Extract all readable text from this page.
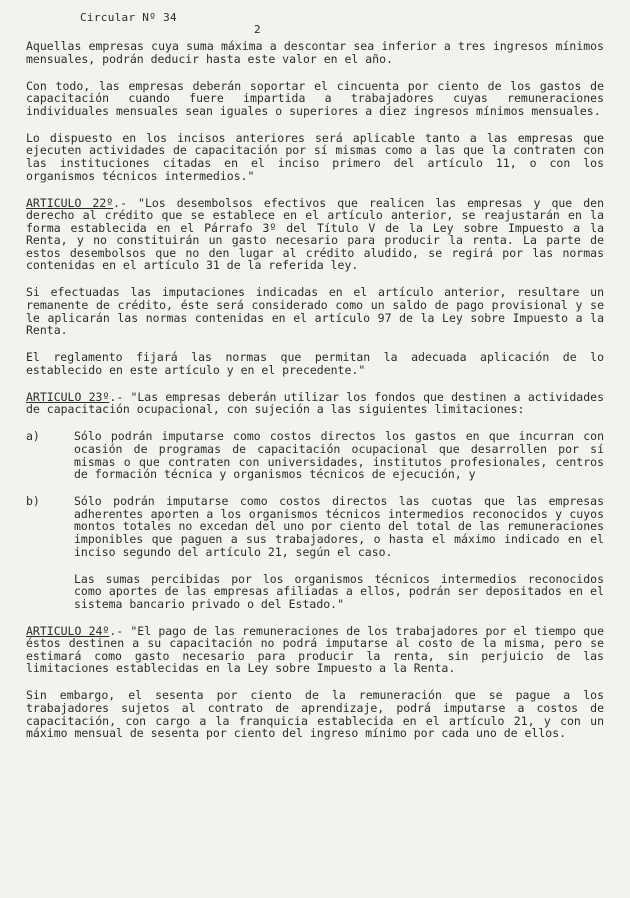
Circular Nº 34
2

Aquellas empresas cuya suma máxima a descontar sea inferior a tres ingresos mínimos mensuales, podrán deducir hasta este valor en el año.

Con todo, las empresas deberán soportar el cincuenta por ciento de los gastos de capacitación cuando fuere impartida a trabajadores cuyas remuneraciones individuales mensuales sean iguales o superiores a diez ingresos mínimos mensuales.

Lo dispuesto en los incisos anteriores será aplicable tanto a las empresas que ejecuten actividades de capacitación por sí mismas como a las que la contraten con las instituciones citadas en el inciso primero del artículo 11, o con los organismos técnicos intermedios."

ARTICULO 22º.- "Los desembolsos efectivos que realicen las empresas y que den derecho al crédito que se establece en el artículo anterior, se reajustarán en la forma establecida en el Párrafo 3º del Título V de la Ley sobre Impuesto a la Renta, y no constituirán un gasto necesario para producir la renta. La parte de estos desembolsos que no den lugar al crédito aludido, se regirá por las normas contenidas en el artículo 31 de la referida ley.

Si efectuadas las imputaciones indicadas en el artículo anterior, resultare un remanente de crédito, éste será considerado como un saldo de pago provisional y se le aplicarán las normas contenidas en el artículo 97 de la Ley sobre Impuesto a la Renta.

El reglamento fijará las normas que permitan la adecuada aplicación de lo establecido en este artículo y en el precedente."

ARTICULO 23º.- "Las empresas deberán utilizar los fondos que destinen a actividades de capacitación ocupacional, con sujeción a las siguientes limitaciones:

a)	Sólo podrán imputarse como costos directos los gastos en que incurran con ocasión de programas de capacitación ocupacional que desarrollen por sí mismas o que contraten con universidades, institutos profesionales, centros de formación técnica y organismos técnicos de ejecución, y
b)	Sólo podrán imputarse como costos directos las cuotas que las empresas adherentes aporten a los organismos técnicos intermedios reconocidos y cuyos montos totales no excedan del uno por ciento del total de las remuneraciones imponibles que paguen a sus trabajadores, o hasta el máximo indicado en el inciso segundo del artículo 21, según el caso.

Las sumas percibidas por los organismos técnicos intermedios reconocidos como aportes de las empresas afiliadas a ellos, podrán ser depositados en el sistema bancario privado o del Estado."

ARTICULO 24º.- "El pago de las remuneraciones de los trabajadores por el tiempo que éstos destinen a su capacitación no podrá imputarse al costo de la misma, pero se estimará como gasto necesario para producir la renta, sin perjuicio de las limitaciones establecidas en la Ley sobre Impuesto a la Renta.

Sin embargo, el sesenta por ciento de la remuneración que se pague a los trabajadores sujetos al contrato de aprendizaje, podrá imputarse a costos de capacitación, con cargo a la franquicia establecida en el artículo 21, y con un máximo mensual de sesenta por ciento del ingreso mínimo por cada uno de ellos.
